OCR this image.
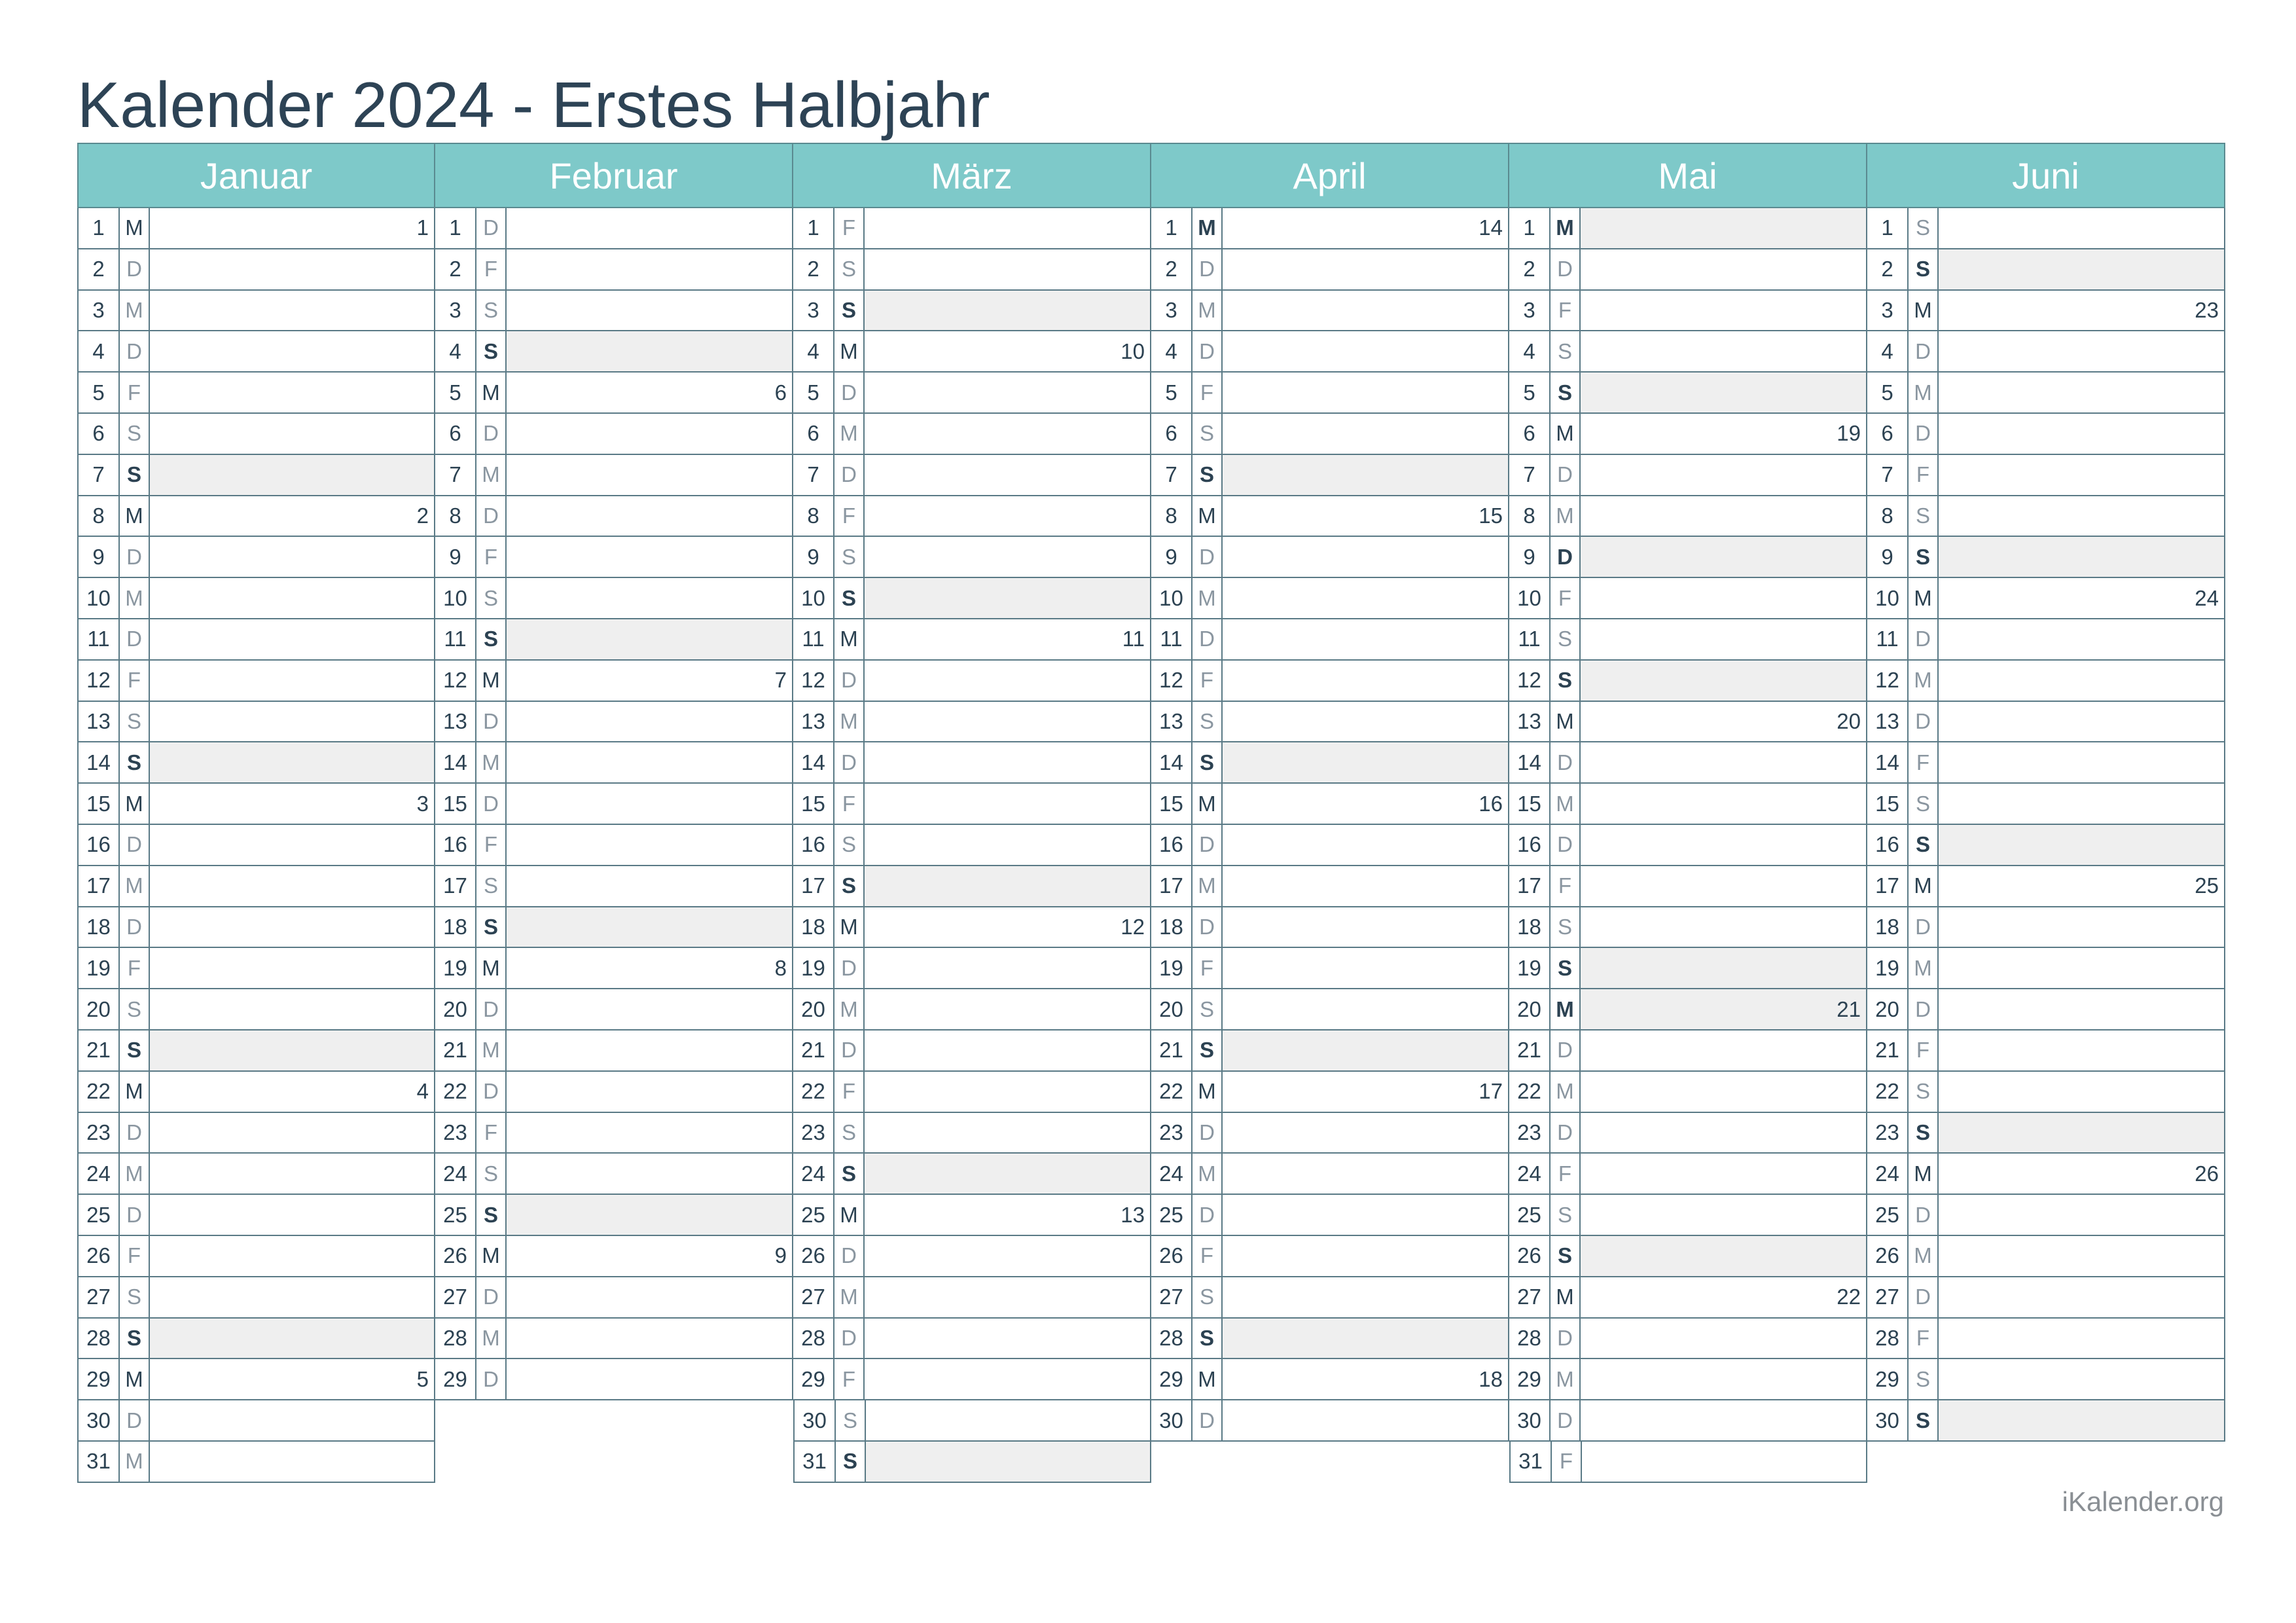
Kalender 2024 - Erstes Halbjahr
Januar
1 M	1
2	D
3 M
4	D
5	F
6	S
7	S
8 M	2
9	D
10 M
11 D
12 F
13 S
14 S
15 M	3
16 D
17 M
18 D
19 F
20 S
21 S
22 M	4
23 D
24 M
25 D
26 F
27 S
28 S
29 M	5
30 D
31 M
Februar
1	D
2	F
3	S
4	S
5 M	6
6	D
7 M
8	D
9	F
10 S
11 S
12 M	7
13 D
14 M
15 D
16 F
17 S
18 S
19 M	8
20 D
21 M
22 D
23 F
24 S
25 S
26 M	9
27 D
28 M
29 D
März
1	F
2	S
3	S
4 M	10
5	D
6 M
7	D
8	F
9	S
10 S
11 M	11
12 D
13 M
14 D
15 F
16 S
17 S
18 M	12
19 D
20 M
21 D
22 F
23 S
24 S
25 M	13
26 D
27 M
28 D
29 F
30 S
31 S
April
1 M	14
2	D
3 M
4	D
5	F
6	S
7	S
8 M	15
9	D
10 M
11 D
12 F
13 S
14 S
15 M	16
16 D
17 M
18 D
19 F
20 S
21 S
22 M	17
23 D
24 M
25 D
26 F
27 S
28 S
29 M	18
30 D
Mai
1 M
2	D
3	F
4	S
5	S
6 M	19
7	D
8 M
9	D
10 F
11 S
12 S
13 M	20
14 D
15 M
16 D
17 F
18 S
19 S
20 M	21
21 D
22 M
23 D
24 F
25 S
26 S
27 M	22
28 D
29 M
30 D
31 F
Juni
1	S
2	S
3 M	23
4	D
5 M
6	D
7	F
8	S
9	S
10 M	24
11 D
12 M
13 D
14 F
15 S
16 S
17 M	25
18 D
19 M
20 D
21 F
22 S
23 S
24 M	26
25 D
26 M
27 D
28 F
29 S
30 S
iKalender.org
